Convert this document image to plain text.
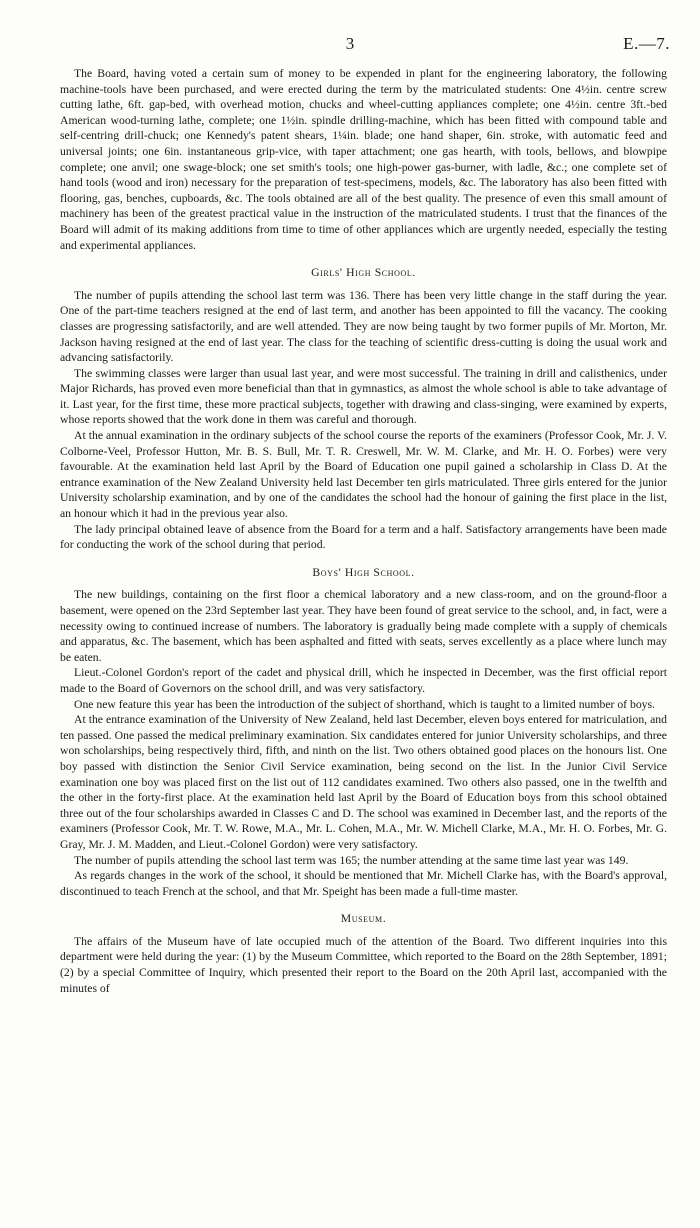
3	E.—7.

The Board, having voted a certain sum of money to be expended in plant for the engineering laboratory, the following machine-tools have been purchased, and were erected during the term by the matriculated students: One 4½in. centre screw cutting lathe, 6ft. gap-bed, with overhead motion, chucks and wheel-cutting appliances complete; one 4½in. centre 3ft.-bed American wood-turning lathe, complete; one 1½in. spindle drilling-machine, which has been fitted with compound table and self-centring drill-chuck; one Kennedy's patent shears, 1¼in. blade; one hand shaper, 6in. stroke, with automatic feed and universal joints; one 6in. instantaneous grip-vice, with taper attachment; one gas hearth, with tools, bellows, and blowpipe complete; one anvil; one swage-block; one set smith's tools; one high-power gas-burner, with ladle, &c.; one complete set of hand tools (wood and iron) necessary for the preparation of test-specimens, models, &c. The laboratory has also been fitted with flooring, gas, benches, cupboards, &c. The tools obtained are all of the best quality. The presence of even this small amount of machinery has been of the greatest practical value in the instruction of the matriculated students. I trust that the finances of the Board will admit of its making additions from time to time of other appliances which are urgently needed, especially the testing and experimental appliances.

Girls' High School.

The number of pupils attending the school last term was 136. There has been very little change in the staff during the year. One of the part-time teachers resigned at the end of last term, and another has been appointed to fill the vacancy. The cooking classes are progressing satisfactorily, and are well attended. They are now being taught by two former pupils of Mr. Morton, Mr. Jackson having resigned at the end of last year. The class for the teaching of scientific dress-cutting is doing the usual work and advancing satisfactorily.

The swimming classes were larger than usual last year, and were most successful. The training in drill and calisthenics, under Major Richards, has proved even more beneficial than that in gymnastics, as almost the whole school is able to take advantage of it. Last year, for the first time, these more practical subjects, together with drawing and class-singing, were examined by experts, whose reports showed that the work done in them was careful and thorough.

At the annual examination in the ordinary subjects of the school course the reports of the examiners (Professor Cook, Mr. J. V. Colborne-Veel, Professor Hutton, Mr. B. S. Bull, Mr. T. R. Creswell, Mr. W. M. Clarke, and Mr. H. O. Forbes) were very favourable. At the examination held last April by the Board of Education one pupil gained a scholarship in Class D. At the entrance examination of the New Zealand University held last December ten girls matriculated. Three girls entered for the junior University scholarship examination, and by one of the candidates the school had the honour of gaining the first place in the list, an honour which it had in the previous year also.

The lady principal obtained leave of absence from the Board for a term and a half. Satisfactory arrangements have been made for conducting the work of the school during that period.

Boys' High School.

The new buildings, containing on the first floor a chemical laboratory and a new class-room, and on the ground-floor a basement, were opened on the 23rd September last year. They have been found of great service to the school, and, in fact, were a necessity owing to continued increase of numbers. The laboratory is gradually being made complete with a supply of chemicals and apparatus, &c. The basement, which has been asphalted and fitted with seats, serves excellently as a place where lunch may be eaten.

Lieut.-Colonel Gordon's report of the cadet and physical drill, which he inspected in December, was the first official report made to the Board of Governors on the school drill, and was very satisfactory.

One new feature this year has been the introduction of the subject of shorthand, which is taught to a limited number of boys.

At the entrance examination of the University of New Zealand, held last December, eleven boys entered for matriculation, and ten passed. One passed the medical preliminary examination. Six candidates entered for junior University scholarships, and three won scholarships, being respectively third, fifth, and ninth on the list. Two others obtained good places on the honours list. One boy passed with distinction the Senior Civil Service examination, being second on the list. In the Junior Civil Service examination one boy was placed first on the list out of 112 candidates examined. Two others also passed, one in the twelfth and the other in the forty-first place. At the examination held last April by the Board of Education boys from this school obtained three out of the four scholarships awarded in Classes C and D. The school was examined in December last, and the reports of the examiners (Professor Cook, Mr. T. W. Rowe, M.A., Mr. L. Cohen, M.A., Mr. W. Michell Clarke, M.A., Mr. H. O. Forbes, Mr. G. Gray, Mr. J. M. Madden, and Lieut.-Colonel Gordon) were very satisfactory.

The number of pupils attending the school last term was 165; the number attending at the same time last year was 149.

As regards changes in the work of the school, it should be mentioned that Mr. Michell Clarke has, with the Board's approval, discontinued to teach French at the school, and that Mr. Speight has been made a full-time master.

Museum.

The affairs of the Museum have of late occupied much of the attention of the Board. Two different inquiries into this department were held during the year: (1) by the Museum Committee, which reported to the Board on the 28th September, 1891; (2) by a special Committee of Inquiry, which presented their report to the Board on the 20th April last, accompanied with the minutes of
